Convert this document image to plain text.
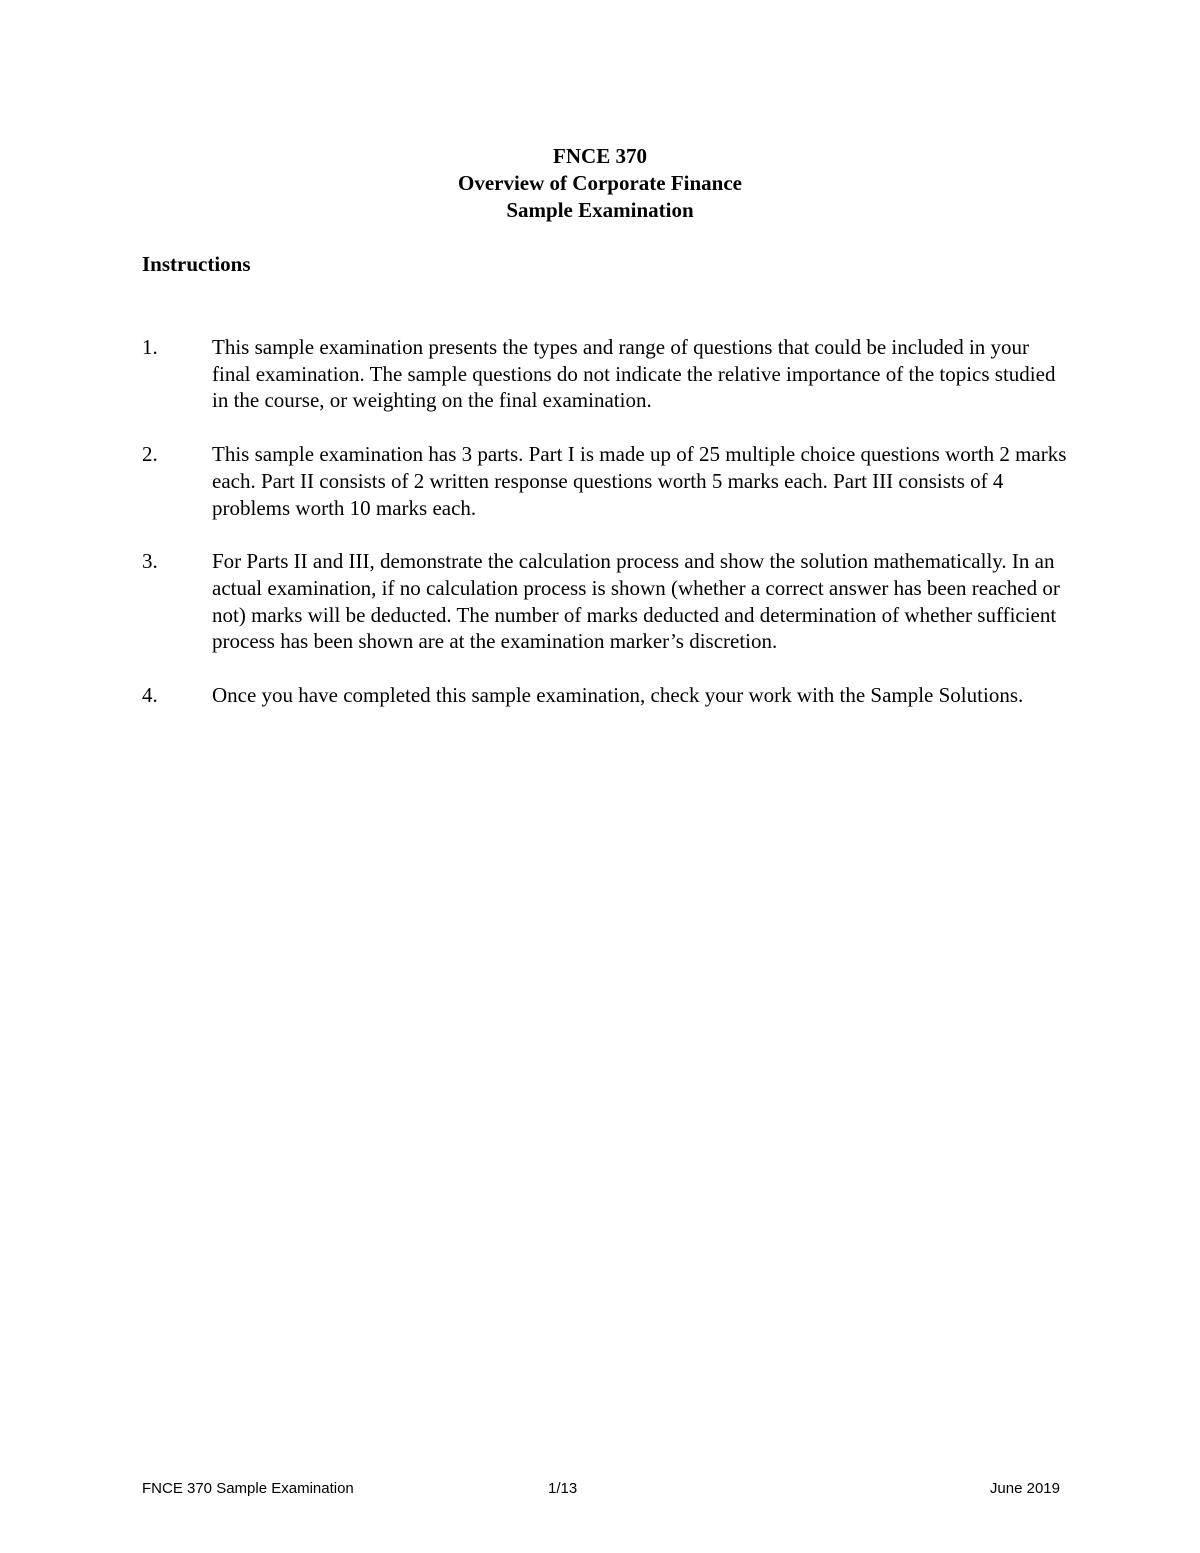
FNCE 370

Overview of Corporate Finance

Sample Examination

Instructions

1.	This sample examination presents the types and range of questions that could be included in your final examination. The sample questions do not indicate the relative importance of the topics studied in the course, or weighting on the final examination.
2.	This sample examination has 3 parts. Part I is made up of 25 multiple choice questions worth 2 marks each. Part II consists of 2 written response questions worth 5 marks each. Part III consists of 4 problems worth 10 marks each.
3.	For Parts II and III, demonstrate the calculation process and show the solution mathematically. In an actual examination, if no calculation process is shown (whether a correct answer has been reached or not) marks will be deducted. The number of marks deducted and determination of whether sufficient process has been shown are at the examination marker’s discretion.
4.	Once you have completed this sample examination, check your work with the Sample Solutions.
FNCE 370 Sample Examination	1/13	June 2019
